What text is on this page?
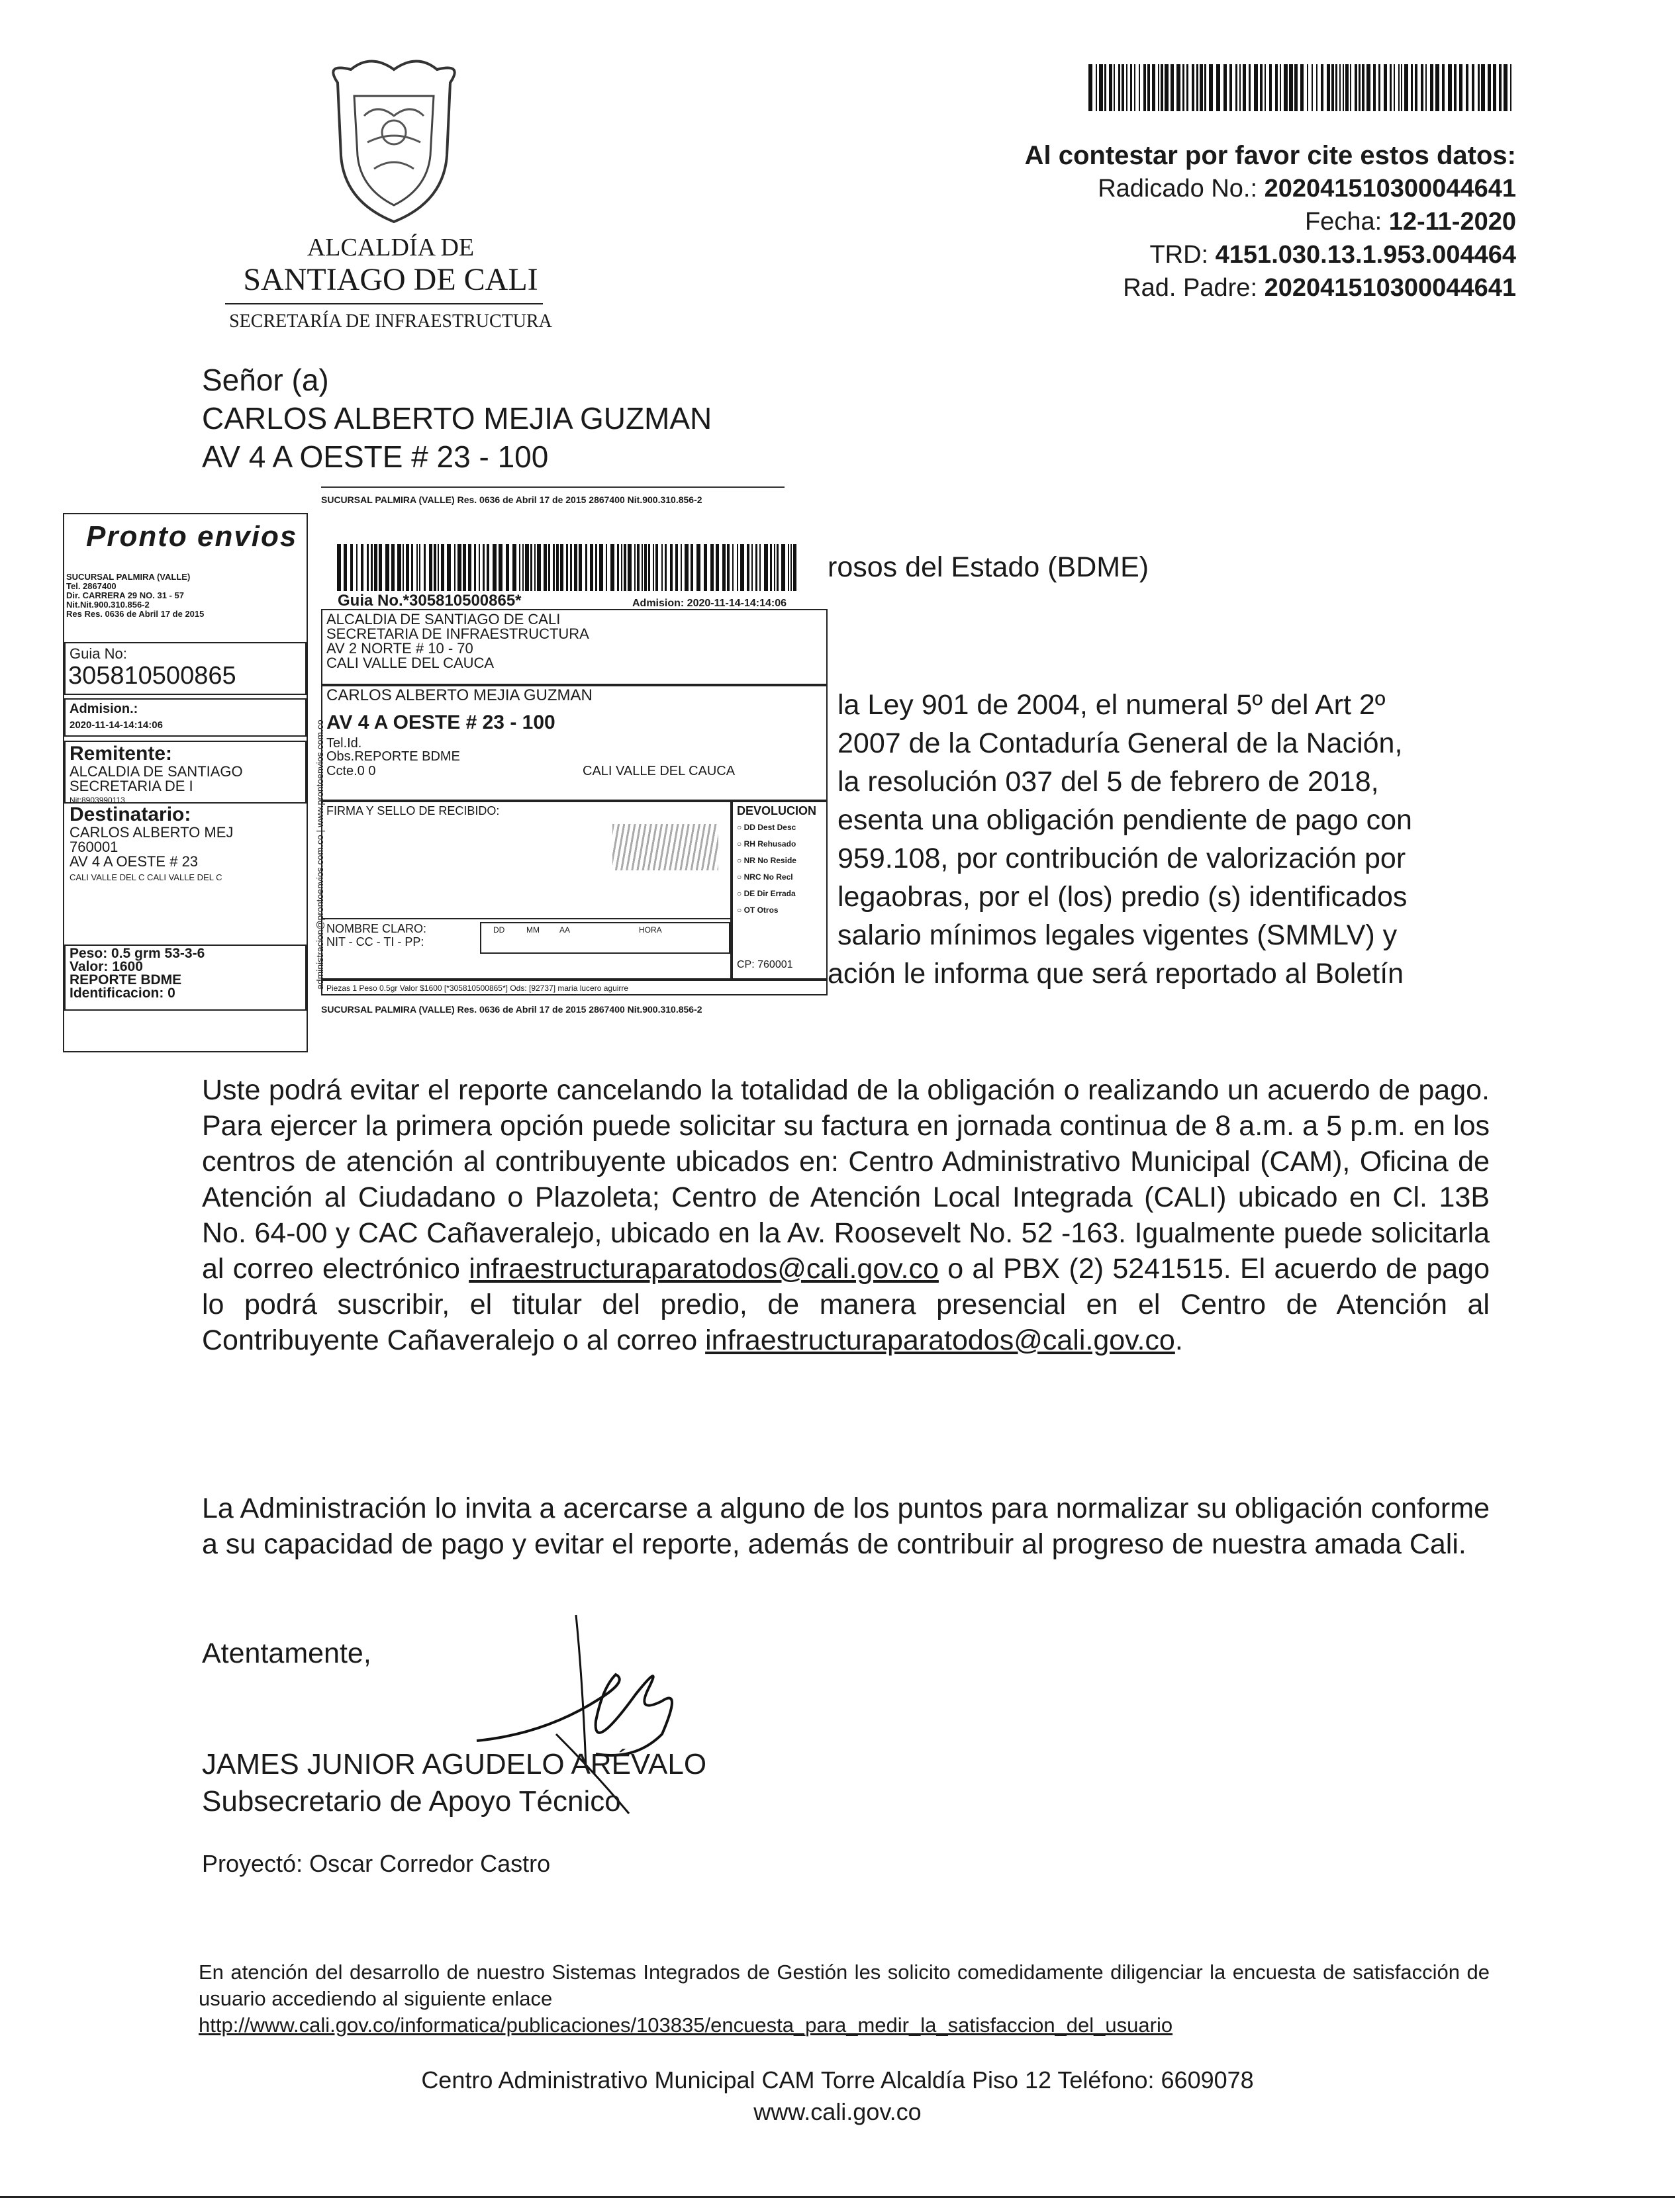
ALCALDÍA DE
SANTIAGO DE CALI
SECRETARÍA DE INFRAESTRUCTURA
Al contestar por favor cite estos datos:
Radicado No.: 202041510300044641
Fecha: 12-11-2020
TRD: 4151.030.13.1.953.004464
Rad. Padre: 202041510300044641
Señor (a)
CARLOS ALBERTO MEJIA GUZMAN
AV 4 A OESTE # 23 - 100
rosos del Estado (BDME)
la Ley 901 de 2004, el numeral 5º del Art 2º
2007 de la Contaduría General de la Nación,
la resolución 037 del 5 de febrero de 2018,
esenta una obligación pendiente de pago con
959.108, por contribución de valorización por
legaobras, por el (los) predio (s) identificados
salario mínimos legales vigentes (SMMLV) y
ación le informa que será reportado al Boletín
SUCURSAL PALMIRA (VALLE) Res. 0636 de Abril 17 de 2015 2867400 Nit.900.310.856-2
Pronto envios
SUCURSAL PALMIRA (VALLE)
Tel. 2867400
Dir. CARRERA 29 NO. 31 - 57
Nit.Nit.900.310.856-2
Res Res. 0636 de Abril 17 de 2015
Guia No:
305810500865
Admision.:
2020-11-14-14:14:06
Remitente:
ALCALDIA DE SANTIAGO
SECRETARIA DE I
Nit:8903990113
Destinatario:
CARLOS ALBERTO MEJ
760001
AV 4 A OESTE # 23
CALI VALLE DEL C CALI VALLE DEL C
Peso: 0.5 grm 53-3-6
Valor: 1600
REPORTE BDME
Identificacion: 0
administracion@prontoenvios.com.co | www.prontoenvios.com.co
Guia No.*305810500865*	Admision: 2020-11-14-14:14:06
ALCALDIA DE SANTIAGO DE CALI
SECRETARIA DE INFRAESTRUCTURA
AV 2 NORTE # 10 - 70
CALI VALLE DEL CAUCA
CARLOS ALBERTO MEJIA GUZMAN
AV 4 A OESTE # 23 - 100
Tel.Id.
Obs.REPORTE BDME
Ccte.0 0	CALI VALLE DEL CAUCA
FIRMA Y SELLO DE RECIBIDO:
NOMBRE CLARO:
NIT - CC - TI - PP:
DD	MM	AA	HORA
DEVOLUCION
○ DD Dest Desc
○ RH Rehusado
○ NR No Reside
○ NRC No Recl
○ DE Dir Errada
○ OT Otros
CP: 760001
Piezas 1 Peso 0.5gr Valor $1600 [*305810500865*] Ods: [92737] maria lucero aguirre
SUCURSAL PALMIRA (VALLE) Res. 0636 de Abril 17 de 2015 2867400 Nit.900.310.856-2
Uste podrá evitar el reporte cancelando la totalidad de la obligación o realizando un acuerdo de pago. Para ejercer la primera opción puede solicitar su factura en jornada continua de 8 a.m. a 5 p.m. en los centros de atención al contribuyente ubicados en: Centro Administrativo Municipal (CAM), Oficina de Atención al Ciudadano o Plazoleta; Centro de Atención Local Integrada (CALI) ubicado en Cl. 13B No. 64-00 y CAC Cañaveralejo, ubicado en la Av. Roosevelt No. 52 -163. Igualmente puede solicitarla al correo electrónico infraestructuraparatodos@cali.gov.co o al PBX (2) 5241515. El acuerdo de pago lo podrá suscribir, el titular del predio, de manera presencial en el Centro de Atención al Contribuyente Cañaveralejo o al correo infraestructuraparatodos@cali.gov.co.
La Administración lo invita a acercarse a alguno de los puntos para normalizar su obligación conforme a su capacidad de pago y evitar el reporte, además de contribuir al progreso de nuestra amada Cali.
Atentamente,
JAMES JUNIOR AGUDELO ARÉVALO
Subsecretario de Apoyo Técnico
Proyectó: Oscar Corredor Castro
En atención del desarrollo de nuestro Sistemas Integrados de Gestión les solicito comedidamente diligenciar la encuesta de satisfacción de usuario accediendo al siguiente enlace
http://www.cali.gov.co/informatica/publicaciones/103835/encuesta_para_medir_la_satisfaccion_del_usuario
Centro Administrativo Municipal CAM Torre Alcaldía Piso 12 Teléfono: 6609078
www.cali.gov.co
